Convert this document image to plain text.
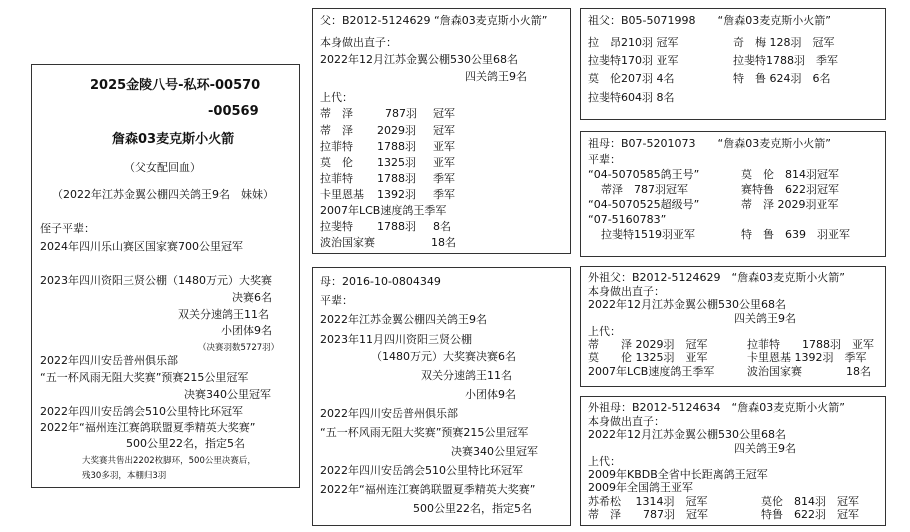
2025金陵八号-私环-00570
-00569
詹森03麦克斯小火箭
（父女配回血）
（2022年江苏金翼公棚四关鸽王9名　妹妹）
侄子平辈：
2024年四川乐山赛区国家赛700公里冠军
2023年四川资阳三贤公棚（1480万元）大奖赛
决赛6名
双关分速鸽王11名
小团体9名
（决赛羽数5727羽）
2022年四川安岳普州俱乐部
“五一杯风雨无阻大奖赛”预赛215公里冠军
决赛340公里冠军
2022年四川安岳鸽会510公里特比环冠军
2022年“福州连江赛鸽联盟夏季精英大奖赛”
500公里22名，指定5名
大奖赛共售出2202枚脚环，500公里决赛后，
残30多羽，本棚归3羽
父：B2012-5124629 “詹森03麦克斯小火箭”
本身做出直子：
2022年12月江苏金翼公棚530公里68名
四关鸽王9名
上代：
蒂　泽	787羽 冠军
蒂　泽 2029羽 冠军
拉菲特 1788羽 亚军
莫　伦 1325羽 亚军
拉菲特 1788羽 季军
卡里恩基 1392羽 季军
2007年LCB速度鸽王季军
拉斐特 1788羽 8名
波治国家赛	18名
母：2016-10-0804349
平辈：
2022年江苏金翼公棚四关鸽王9名
2023年11月四川资阳三贤公棚
（1480万元）大奖赛决赛6名
双关分速鸽王11名
小团体9名
2022年四川安岳普州俱乐部
“五一杯风雨无阻大奖赛”预赛215公里冠军
决赛340公里冠军
2022年四川安岳鸽会510公里特比环冠军
2022年“福州连江赛鸽联盟夏季精英大奖赛”
500公里22名，指定5名
祖父：B05-5071998　　“詹森03麦克斯小火箭”
拉　昂210羽 冠军	奇　梅 128羽　冠军
拉斐特170羽 亚军	拉斐特1788羽　季军
莫　伦207羽 4名	特　鲁 624羽　6名
拉斐特604羽 8名
祖母：B07-5201073　　“詹森03麦克斯小火箭”
平辈：
“04-5070585鸽王号”	莫　伦　814羽冠军
蒂泽　787羽冠军	赛特鲁　622羽冠军
“04-5070525超级号”	蒂　泽 2029羽亚军
“07-5160783”
拉斐特1519羽亚军	特　鲁　639　羽亚军
外祖父：B2012-5124629　“詹森03麦克斯小火箭”
本身做出直子：
2022年12月江苏金翼公棚530公里68名
四关鸽王9名
上代：
蒂　　泽 2029羽　冠军	拉菲特　　1788羽　亚军
莫　　伦 1325羽　亚军	卡里恩基 1392羽　季军
2007年LCB速度鸽王季军	波治国家赛　　　　18名
外祖母：B2012-5124634　“詹森03麦克斯小火箭”
本身做出直子：
2022年12月江苏金翼公棚530公里68名
四关鸽王9名
上代：
2009年KBDB全省中长距离鸽王冠军
2009年全国鸽王亚军
苏希松　 1314羽　冠军	莫伦　814羽　冠军
蒂　泽　　787羽　冠军	特鲁　622羽　冠军
